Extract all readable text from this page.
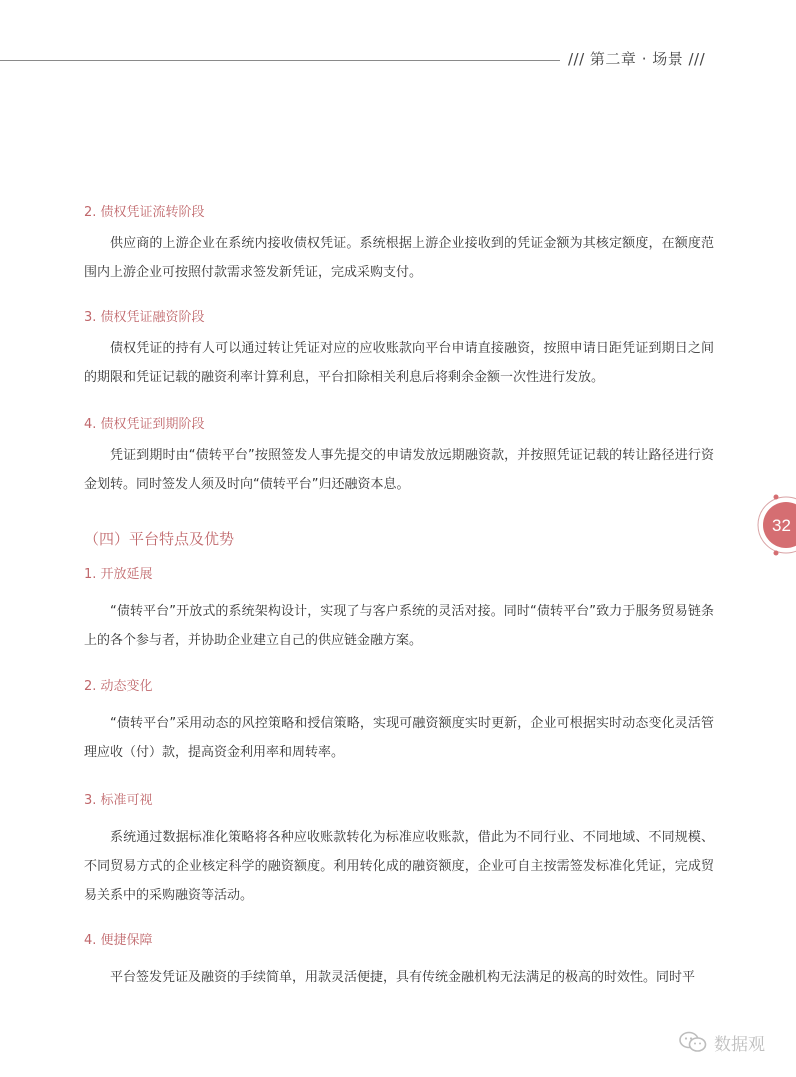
/// 第二章 · 场景 ///

2. 债权凭证流转阶段

供应商的上游企业在系统内接收债权凭证。系统根据上游企业接收到的凭证金额为其核定额度，在额度范围内上游企业可按照付款需求签发新凭证，完成采购支付。

3. 债权凭证融资阶段

债权凭证的持有人可以通过转让凭证对应的应收账款向平台申请直接融资，按照申请日距凭证到期日之间的期限和凭证记载的融资利率计算利息，平台扣除相关利息后将剩余金额一次性进行发放。

4. 债权凭证到期阶段

凭证到期时由“债转平台”按照签发人事先提交的申请发放远期融资款，并按照凭证记载的转让路径进行资金划转。同时签发人须及时向“债转平台”归还融资本息。

（四）平台特点及优势
32

1. 开放延展

“债转平台”开放式的系统架构设计，实现了与客户系统的灵活对接。同时“债转平台”致力于服务贸易链条上的各个参与者，并协助企业建立自己的供应链金融方案。

2. 动态变化

“债转平台”采用动态的风控策略和授信策略，实现可融资额度实时更新，企业可根据实时动态变化灵活管理应收（付）款，提高资金利用率和周转率。

3. 标准可视

系统通过数据标准化策略将各种应收账款转化为标准应收账款，借此为不同行业、不同地域、不同规模、不同贸易方式的企业核定科学的融资额度。利用转化成的融资额度，企业可自主按需签发标准化凭证，完成贸易关系中的采购融资等活动。

4. 便捷保障

平台签发凭证及融资的手续简单，用款灵活便捷，具有传统金融机构无法满足的极高的时效性。同时平

数据观
